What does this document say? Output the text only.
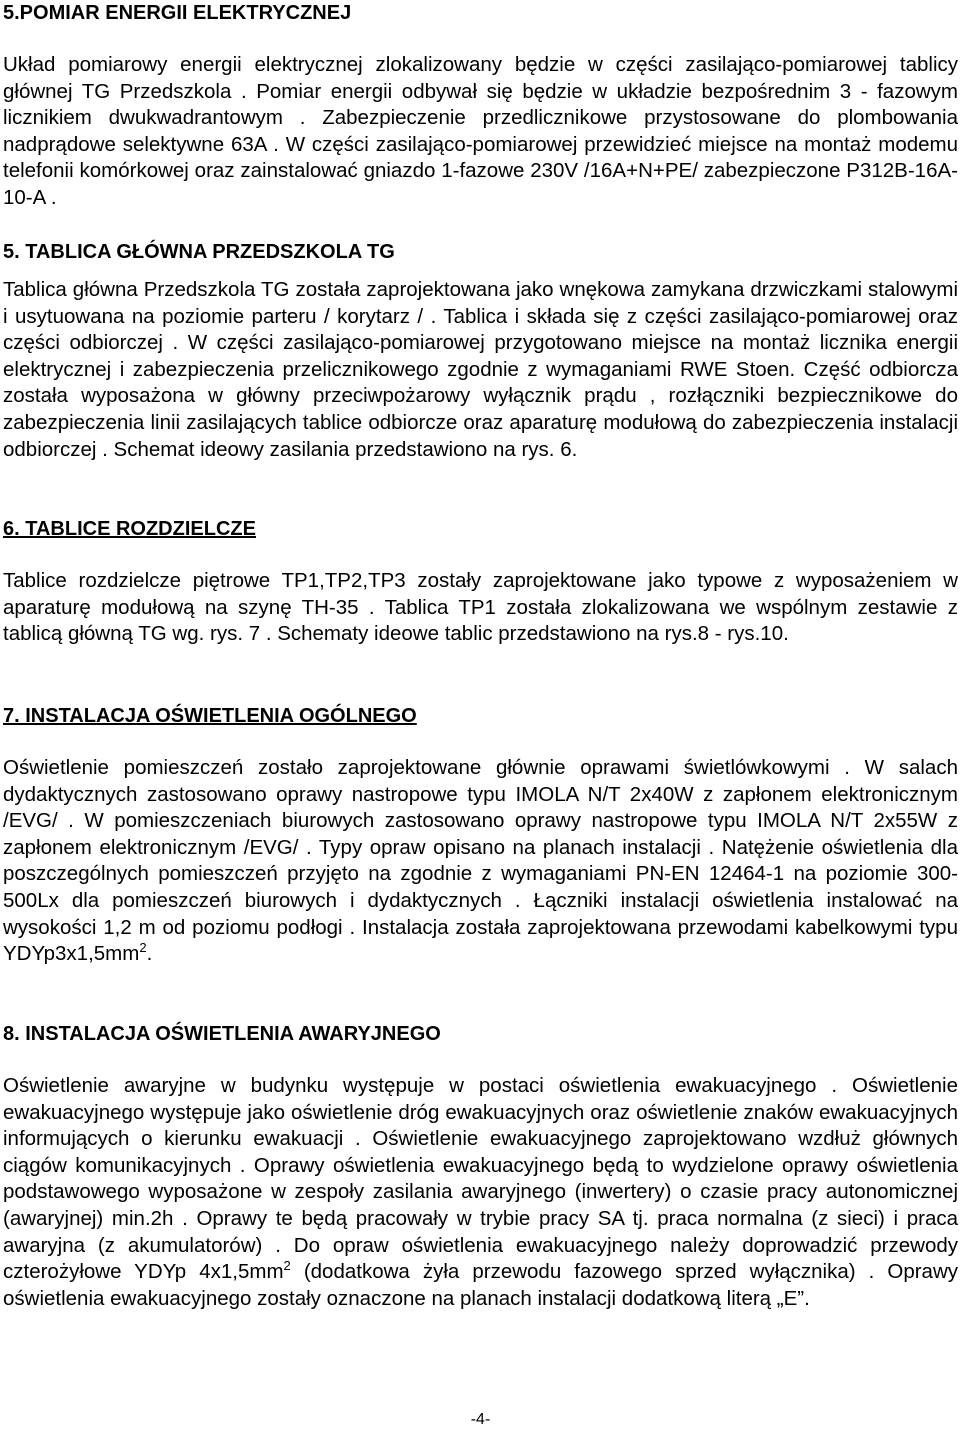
5.POMIAR ENERGII ELEKTRYCZNEJ

Układ pomiarowy energii elektrycznej zlokalizowany będzie w części zasilająco-pomiarowej tablicy głównej TG Przedszkola . Pomiar energii odbywał się będzie w układzie bezpośrednim 3 - fazowym licznikiem dwukwadrantowym . Zabezpieczenie przedlicznikowe przystosowane do plombowania nadprądowe selektywne 63A . W części zasilająco-pomiarowej przewidzieć miejsce na montaż modemu telefonii komórkowej oraz zainstalować gniazdo 1-fazowe 230V /16A+N+PE/ zabezpieczone P312B-16A-10-A .

5. TABLICA GŁÓWNA PRZEDSZKOLA TG

Tablica główna Przedszkola TG została zaprojektowana jako wnękowa zamykana drzwiczkami stalowymi i usytuowana na poziomie parteru / korytarz / . Tablica i składa się z części zasilająco-pomiarowej oraz części odbiorczej . W części zasilająco-pomiarowej przygotowano miejsce na montaż licznika energii elektrycznej i zabezpieczenia przelicznikowego zgodnie z wymaganiami RWE Stoen. Część odbiorcza została wyposażona w główny przeciwpożarowy wyłącznik prądu , rozłączniki bezpiecznikowe do zabezpieczenia linii zasilających tablice odbiorcze oraz aparaturę modułową do zabezpieczenia instalacji odbiorczej . Schemat ideowy zasilania przedstawiono na rys. 6.

6. TABLICE ROZDZIELCZE

Tablice rozdzielcze piętrowe TP1,TP2,TP3 zostały zaprojektowane jako typowe z wyposażeniem w aparaturę modułową na szynę TH-35 . Tablica TP1 została zlokalizowana we wspólnym zestawie z tablicą główną TG wg. rys. 7 . Schematy ideowe tablic przedstawiono na rys.8 - rys.10.

7. INSTALACJA OŚWIETLENIA OGÓLNEGO

Oświetlenie pomieszczeń zostało zaprojektowane głównie oprawami świetlówkowymi . W salach dydaktycznych zastosowano oprawy nastropowe typu IMOLA N/T 2x40W z zapłonem elektronicznym /EVG/ . W pomieszczeniach biurowych zastosowano oprawy nastropowe typu IMOLA N/T 2x55W z zapłonem elektronicznym /EVG/ . Typy opraw opisano na planach instalacji . Natężenie oświetlenia dla poszczególnych pomieszczeń przyjęto na zgodnie z wymaganiami PN-EN 12464-1 na poziomie 300-500Lx dla pomieszczeń biurowych i dydaktycznych . Łączniki instalacji oświetlenia instalować na wysokości 1,2 m od poziomu podłogi . Instalacja została zaprojektowana przewodami kabelkowymi typu $YDYp3x1,5mm^2$.

8. INSTALACJA OŚWIETLENIA AWARYJNEGO

Oświetlenie awaryjne w budynku występuje w postaci oświetlenia ewakuacyjnego . Oświetlenie ewakuacyjnego występuje jako oświetlenie dróg ewakuacyjnych oraz oświetlenie znaków ewakuacyjnych informujących o kierunku ewakuacji . Oświetlenie ewakuacyjnego zaprojektowano wzdłuż głównych ciągów komunikacyjnych . Oprawy oświetlenia ewakuacyjnego będą to wydzielone oprawy oświetlenia podstawowego wyposażone w zespoły zasilania awaryjnego (inwertery) o czasie pracy autonomicznej (awaryjnej) min.2h . Oprawy te będą pracowały w trybie pracy SA tj. praca normalna (z sieci) i praca awaryjna (z akumulatorów) . Do opraw oświetlenia ewakuacyjnego należy doprowadzić przewody czterożyłowe YDYp $4x1,5mm^2$ (dodatkowa żyła przewodu fazowego sprzed wyłącznika) . Oprawy oświetlenia ewakuacyjnego zostały oznaczone na planach instalacji dodatkową literą „E”.

-4-
